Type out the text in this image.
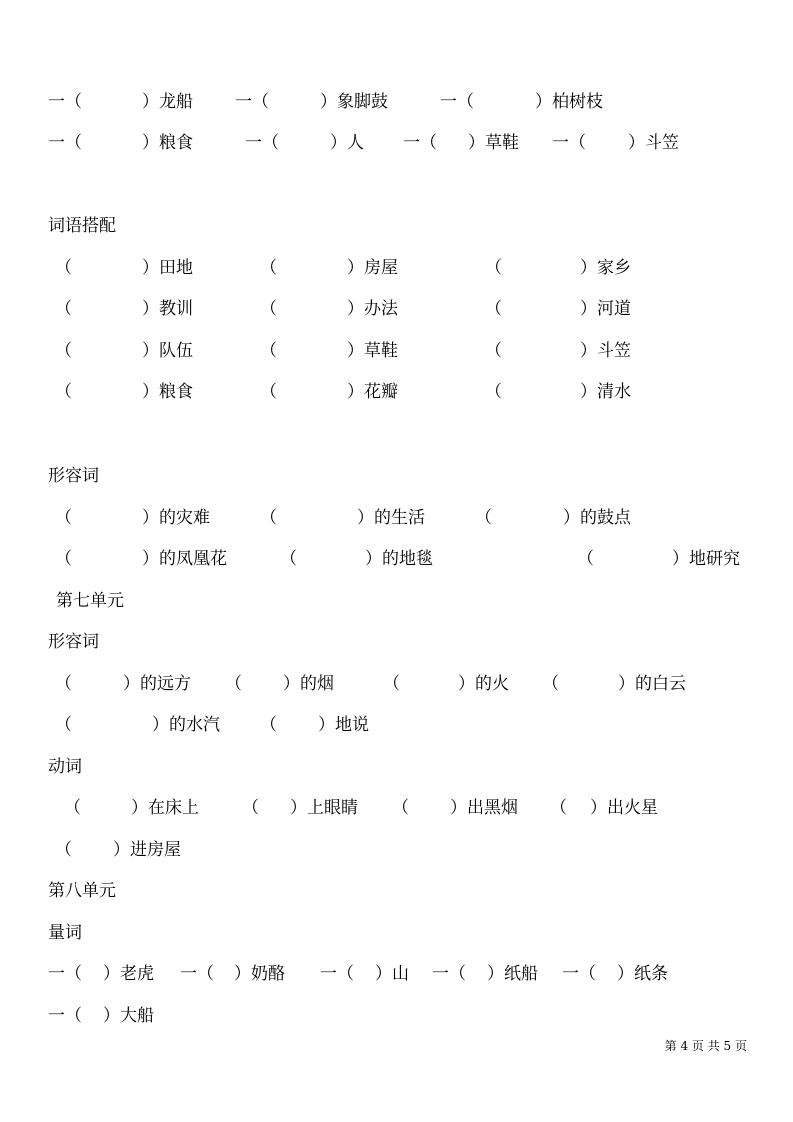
一（	）龙船 一（	）象脚鼓	一（	）柏树枝
一（	）粮食	一（	）人 一（ ）草鞋 一（ ）斗笠
词语搭配
（	）田地	（	）房屋	（	）家乡
（	）教训	（	）办法	（	）河道
（	）队伍	（	）草鞋	（	）斗笠
（	）粮食	（	）花瓣	（	）清水
形容词
（	）的灾难	（	）的生活	（	）的鼓点
（	）的凤凰花	（	）的地毯	（	）地研究
第七单元
形容词
（	）的远方 （ ）的烟	（	）的火 （	）的白云
（	）的水汽 （ ）地说
动词
（	）在床上	（ ）上眼睛 （ ）出黑烟 （ ）出火星
（ ）进房屋
第八单元
量词
一（ ）老虎 一（ ）奶酪 一（ ）山 一（ ）纸船 一（ ）纸条
一（ ）大船
第 4 页 共 5 页
